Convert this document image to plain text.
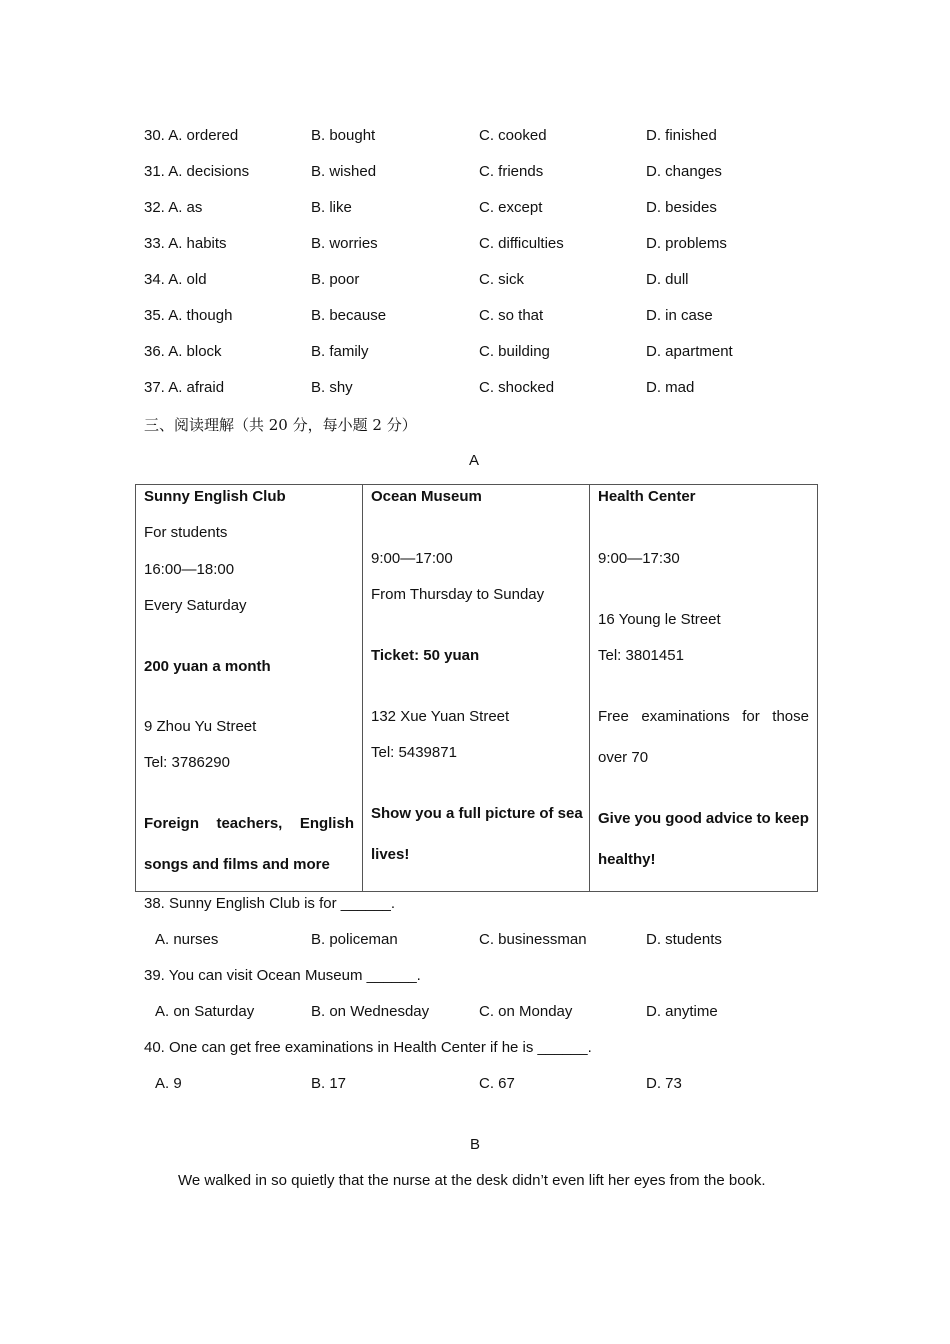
30. A. ordered	B. bought	C. cooked	D. finished
31. A. decisions	B. wished	C. friends	D. changes
32. A. as	B. like	C. except	D. besides
33. A. habits	B. worries	C. difficulties	D. problems
34. A. old	B. poor	C. sick	D. dull
35. A. though	B. because	C. so that	D. in case
36. A. block	B. family	C. building	D. apartment
37. A. afraid	B. shy	C. shocked	D. mad
三、阅读理解（共 20 分，每小题 2 分）
A
Sunny English Club
For students
16:00—18:00
Every Saturday
200 yuan a month
9 Zhou Yu Street
Tel: 3786290
Foreign teachers, English
songs and films and more

Ocean Museum
9:00—17:00
From Thursday to Sunday
Ticket: 50 yuan
132 Xue Yuan Street
Tel: 5439871
Show you a full picture of sea
lives!

Health Center
9:00—17:30
16 Young le Street
Tel: 3801451
Free examinations for those
over 70
Give you good advice to keep
healthy!
38. Sunny English Club is for ______.
A. nurses	B. policeman	C. businessman	D. students
39. You can visit Ocean Museum ______.
A. on Saturday	B. on Wednesday	C. on Monday	D. anytime
40. One can get free examinations in Health Center if he is ______.
A. 9	B. 17	C. 67	D. 73
B
We walked in so quietly that the nurse at the desk didn’t even lift her eyes from the book.
